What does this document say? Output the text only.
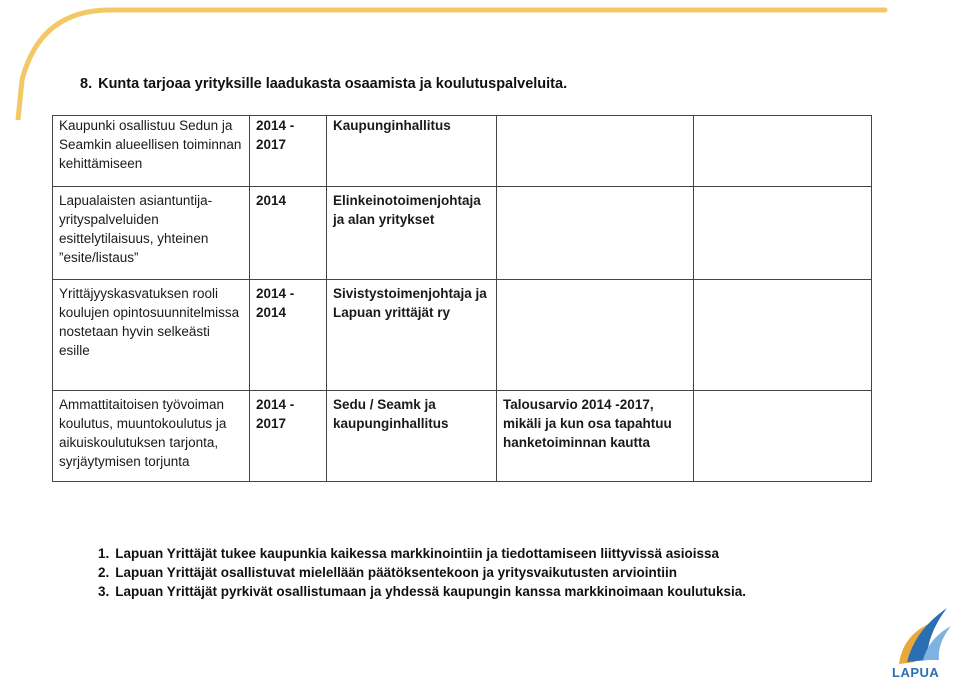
8. Kunta tarjoaa yrityksille laadukasta osaamista ja koulutuspalveluita.
Kaupunki osallistuu Sedun ja Seamkin alueellisen toiminnan kehittämiseen	2014 - 2017	Kaupunginhallitus		

Lapualaisten asiantuntija-yrityspalveluiden esittelytilaisuus, yhteinen ”esite/listaus”	2014	Elinkeinotoimenjohtaja ja alan yritykset		

Yrittäjyyskasvatuksen rooli koulujen opintosuunnitelmissa nostetaan hyvin selkeästi esille	2014 - 2014	Sivistystoimenjohtaja ja Lapuan yrittäjät ry		

Ammattitaitoisen työvoiman koulutus, muuntokoulutus ja aikuiskoulutuksen tarjonta, syrjäytymisen torjunta	2014 - 2017	Sedu / Seamk ja kaupunginhallitus	Talousarvio 2014 -2017, mikäli ja kun osa tapahtuu hanketoiminnan kautta	

1. Lapuan Yrittäjät tukee kaupunkia kaikessa markkinointiin ja tiedottamiseen liittyvissä asioissa
2. Lapuan Yrittäjät osallistuvat mielellään päätöksentekoon ja yritysvaikutusten arviointiin
3. Lapuan Yrittäjät pyrkivät osallistumaan ja yhdessä kaupungin kanssa markkinoimaan koulutuksia.
LAPUA
